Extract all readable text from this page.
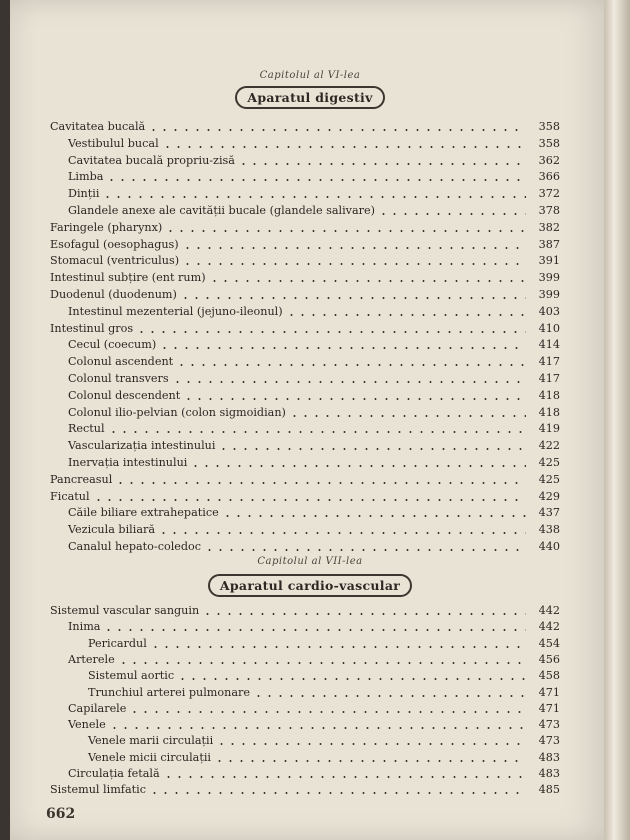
Capitolul al VI-lea
Aparatul digestiv
Cavitatea bucală	358
Vestibulul bucal	358
Cavitatea bucală propriu-zisă	362
Limba	366
Dinții	372
Glandele anexe ale cavității bucale (glandele salivare)	378
Faringele (pharynx)	382
Esofagul (oesophagus)	387
Stomacul (ventriculus)	391
Intestinul subțire (ent rum)	399
Duodenul (duodenum)	399
Intestinul mezenterial (jejuno-ileonul)	403
Intestinul gros	410
Cecul (coecum)	414
Colonul ascendent	417
Colonul transvers	417
Colonul descendent	418
Colonul ilio-pelvian (colon sigmoidian)	418
Rectul	419
Vascularizația intestinului	422
Inervația intestinului	425
Pancreasul	425
Ficatul	429
Căile biliare extrahepatice	437
Vezicula biliară	438
Canalul hepato-coledoc	440
Capitolul al VII-lea
Aparatul cardio-vascular
Sistemul vascular sanguin	442
Inima	442
Pericardul	454
Arterele	456
Sistemul aortic	458
Trunchiul arterei pulmonare	471
Capilarele	471
Venele	473
Venele marii circulații	473
Venele micii circulații	483
Circulația fetală	483
Sistemul limfatic	485
662
